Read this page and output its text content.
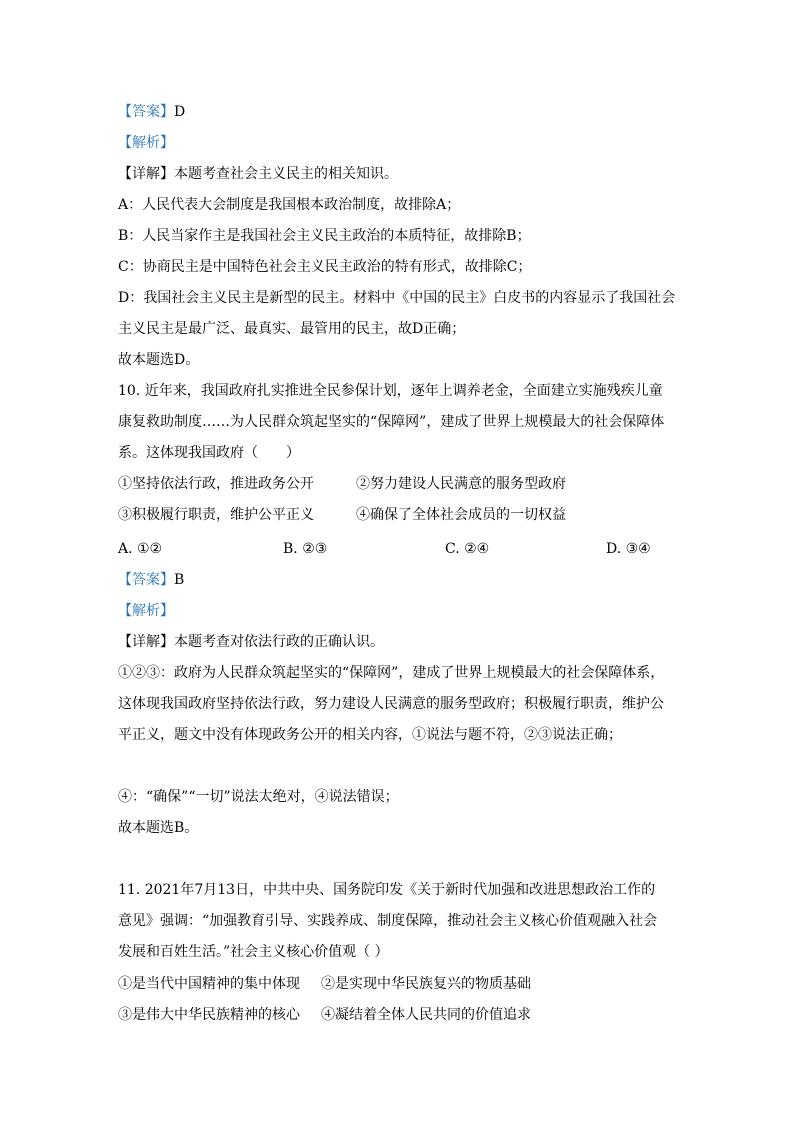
【答案】D
【解析】
【详解】本题考查社会主义民主的相关知识。
A：人民代表大会制度是我国根本政治制度，故排除A；
B：人民当家作主是我国社会主义民主政治的本质特征，故排除B；
C：协商民主是中国特色社会主义民主政治的特有形式，故排除C；
D：我国社会主义民主是新型的民主。材料中《中国的民主》白皮书的内容显示了我国社会
主义民主是最广泛、最真实、最管用的民主，故D正确；
故本题选D。
10. 近年来，我国政府扎实推进全民参保计划，逐年上调养老金，全面建立实施残疾儿童
康复救助制度……为人民群众筑起坚实的“保障网”，建成了世界上规模最大的社会保障体
系。这体现我国政府（　　）
①坚持依法行政，推进政务公开	②努力建设人民满意的服务型政府
③积极履行职责，维护公平正义	④确保了全体社会成员的一切权益
A. ①②	B. ②③	C. ②④	D. ③④
【答案】B
【解析】
【详解】本题考查对依法行政的正确认识。
①②③：政府为人民群众筑起坚实的“保障网”，建成了世界上规模最大的社会保障体系，
这体现我国政府坚持依法行政，努力建设人民满意的服务型政府；积极履行职责，维护公
平正义，题文中没有体现政务公开的相关内容，①说法与题不符，②③说法正确；
④：“确保”“一切”说法太绝对，④说法错误；
故本题选B。
11. 2021年7月13日，中共中央、国务院印发《关于新时代加强和改进思想政治工作的
意见》强调：“加强教育引导、实践养成、制度保障，推动社会主义核心价值观融入社会
发展和百姓生活。”社会主义核心价值观（ ）
①是当代中国精神的集中体现 ②是实现中华民族复兴的物质基础
③是伟大中华民族精神的核心 ④凝结着全体人民共同的价值追求
